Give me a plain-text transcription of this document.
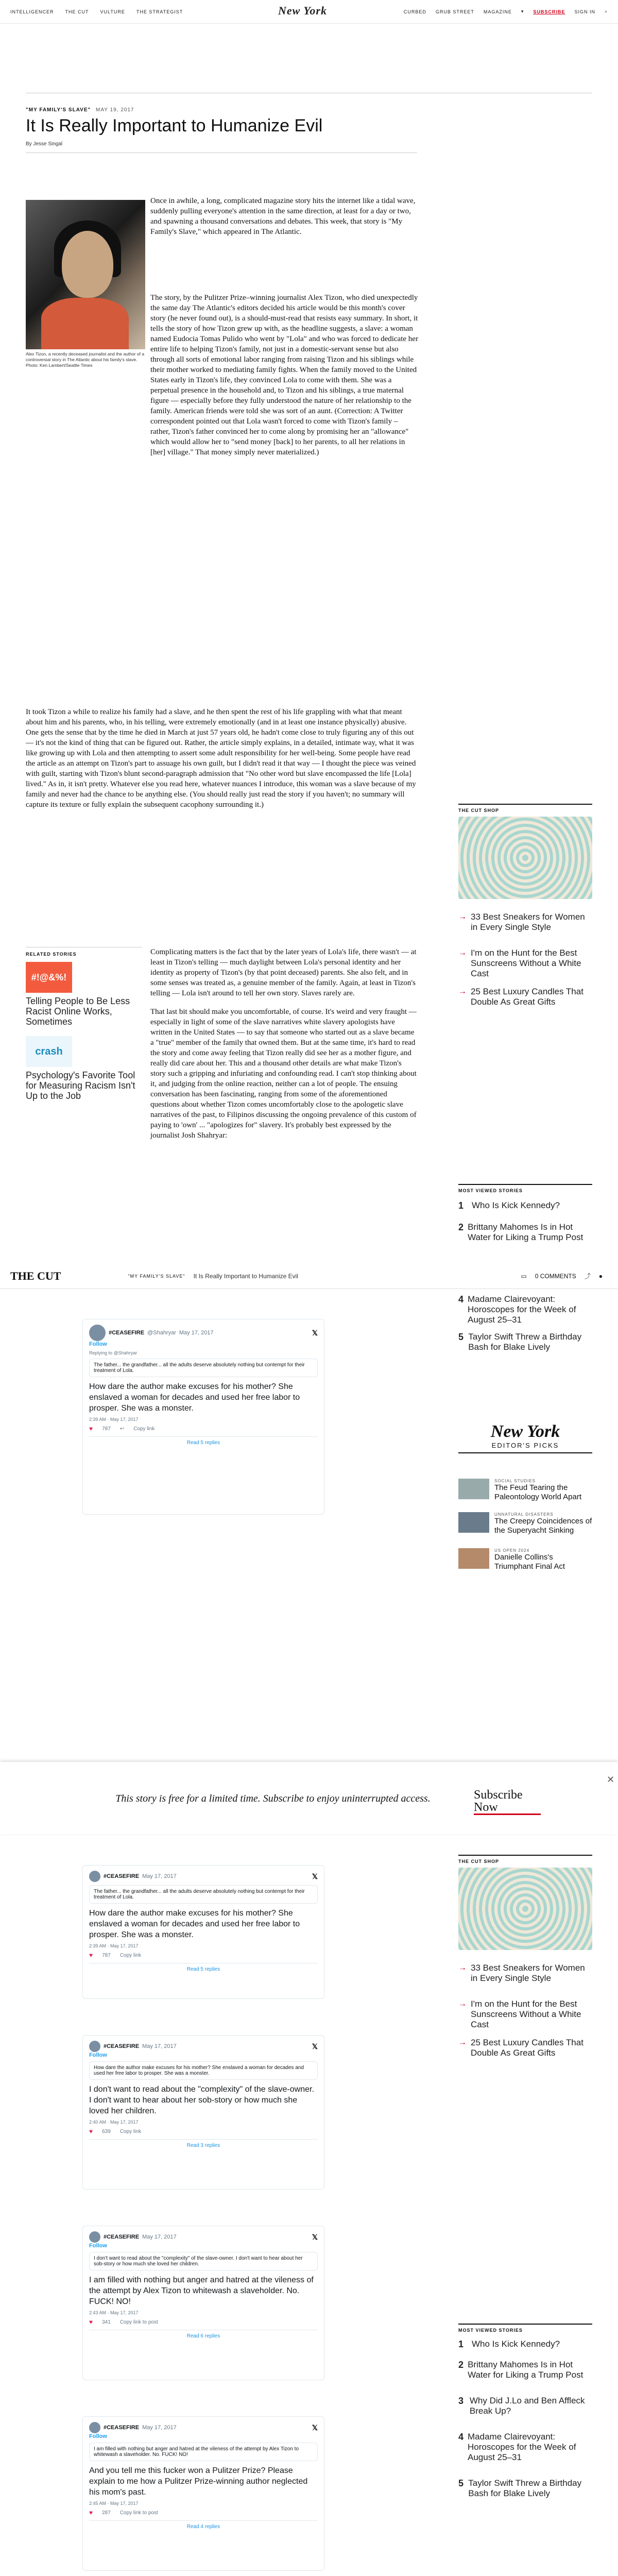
INTELLIGENCER THE CUT VULTURE THE STRATEGIST	New York	CURBED GRUB STREET MAGAZINE ▾ SUBSCRIBE SIGN IN ⌕
"MY FAMILY'S SLAVE" MAY 19, 2017
It Is Really Important to Humanize Evil
By Jesse Singal
Alex Tizon, a recently deceased journalist and the author of a controversial story in The Atlantic about his family's slave. Photo: Ken Lambert/Seattle Times

Once in awhile, a long, complicated magazine story hits the internet like a tidal wave, suddenly pulling everyone's attention in the same direction, at least for a day or two, and spawning a thousand conversations and debates. This week, that story is "My Family's Slave," which appeared in The Atlantic.

The story, by the Pulitzer Prize–winning journalist Alex Tizon, who died unexpectedly the same day The Atlantic's editors decided his article would be this month's cover story (he never found out), is a should-must-read that resists easy summary. In short, it tells the story of how Tizon grew up with, as the headline suggests, a slave: a woman named Eudocia Tomas Pulido who went by "Lola" and who was forced to dedicate her entire life to helping Tizon's family, not just in a domestic-servant sense but also through all sorts of emotional labor ranging from raising Tizon and his siblings while their mother worked to mediating family fights. When the family moved to the United States early in Tizon's life, they convinced Lola to come with them. She was a perpetual presence in the household and, to Tizon and his siblings, a true maternal figure — especially before they fully understood the nature of her relationship to the family. American friends were told she was sort of an aunt. (Correction: A Twitter correspondent pointed out that Lola wasn't forced to come with Tizon's family – rather, Tizon's father convinced her to come along by promising her an "allowance" which would allow her to "send money [back] to her parents, to all her relations in [her] village." That money simply never materialized.)

It took Tizon a while to realize his family had a slave, and he then spent the rest of his life grappling with what that meant about him and his parents, who, in his telling, were extremely emotionally (and in at least one instance physically) abusive. One gets the sense that by the time he died in March at just 57 years old, he hadn't come close to truly figuring any of this out — it's not the kind of thing that can be figured out. Rather, the article simply explains, in a detailed, intimate way, what it was like growing up with Lola and then attempting to assert some adult responsibility for her well-being. Some people have read the article as an attempt on Tizon's part to assuage his own guilt, but I didn't read it that way — I thought the piece was veined with guilt, starting with Tizon's blunt second-paragraph admission that "No other word but slave encompassed the life [Lola] lived." As in, it isn't pretty. Whatever else you read here, whatever nuances I introduce, this woman was a slave because of my family and never had the chance to be anything else. (You should really just read the story if you haven't; no summary will capture its texture or fully explain the subsequent cacophony surrounding it.)

Complicating matters is the fact that by the later years of Lola's life, there wasn't — at least in Tizon's telling — much daylight between Lola's personal identity and her identity as property of Tizon's (by that point deceased) parents. She also felt, and in some senses was treated as, a genuine member of the family. Again, at least in Tizon's telling — Lola isn't around to tell her own story. Slaves rarely are.

That last bit should make you uncomfortable, of course. It's weird and very fraught — especially in light of some of the slave narratives white slavery apologists have written in the United States — to say that someone who started out as a slave became a "true" member of the family that owned them. But at the same time, it's hard to read the story and come away feeling that Tizon really did see her as a mother figure, and really did care about her. This and a thousand other details are what make Tizon's story such a gripping and infuriating and confounding read. I can't stop thinking about it, and judging from the online reaction, neither can a lot of people. The ensuing conversation has been fascinating, ranging from some of the aforementioned questions about whether Tizon comes uncomfortably close to the apologetic slave narratives of the past, to Filipinos discussing the ongoing prevalence of this custom of paying to 'own' ... "apologizes for" slavery. It's probably best expressed by the journalist Josh Shahryar:

RELATED STORIES
#!@&%!
Telling People to Be Less Racist Online Works, Sometimes
crash
Psychology's Favorite Tool for Measuring Racism Isn't Up to the Job
THE CUT SHOP
→ 33 Best Sneakers for Women in Every Single Style
→ I'm on the Hunt for the Best Sunscreens Without a White Cast
→ 25 Best Luxury Candles That Double As Great Gifts
MOST VIEWED STORIES
1 Who Is Kick Kennedy?
2 Brittany Mahomes Is in Hot Water for Liking a Trump Post
THE CUT	"MY FAMILY'S SLAVE" It Is Really Important to Humanize Evil	▭ 0 COMMENTS ⤴ ●
4 Madame Clairevoyant: Horoscopes for the Week of August 25–31
5 Taylor Swift Threw a Birthday Bash for Blake Lively
New York
EDITOR'S PICKS
SOCIAL STUDIES
The Feud Tearing the Paleontology World Apart
UNNATURAL DISASTERS
The Creepy Coincidences of the Superyacht Sinking
US OPEN 2024
Danielle Collins's Triumphant Final Act
#CEASEFIRE @Shahryar May 17, 2017	𝕏
Follow
Replying to @Shahryar
The father... the grandfather... all the adults deserve absolutely nothing but contempt for their treatment of Lola.
How dare the author make excuses for his mother? She enslaved a woman for decades and used her free labor to prosper. She was a monster.
2:39 AM · May 17, 2017
♥ 787 ↩ Copy link
Read 5 replies
#CEASEFIRE May 17, 2017	𝕏
The father... the grandfather... all the adults deserve absolutely nothing but contempt for their treatment of Lola.
How dare the author make excuses for his mother? She enslaved a woman for decades and used her free labor to prosper. She was a monster.
2:39 AM · May 17, 2017
♥ 787 Copy link
Read 5 replies
#CEASEFIRE May 17, 2017	𝕏
Follow
How dare the author make excuses for his mother? She enslaved a woman for decades and used her free labor to prosper. She was a monster.
I don't want to read about the "complexity" of the slave-owner. I don't want to hear about her sob-story or how much she loved her children.
2:40 AM · May 17, 2017
♥ 639 Copy link
Read 3 replies
#CEASEFIRE May 17, 2017	𝕏
Follow
I don't want to read about the "complexity" of the slave-owner. I don't want to hear about her sob-story or how much she loved her children.
I am filled with nothing but anger and hatred at the vileness of the attempt by Alex Tizon to whitewash a slaveholder. No. FUCK! NO!
2:43 AM · May 17, 2017
♥ 341 Copy link to post
Read 6 replies
#CEASEFIRE May 17, 2017	𝕏
Follow
I am filled with nothing but anger and hatred at the vileness of the attempt by Alex Tizon to whitewash a slaveholder. No. FUCK! NO!
And you tell me this fucker won a Pulitzer Prize? Please explain to me how a Pulitzer Prize-winning author neglected his mom's past.
2:45 AM · May 17, 2017
♥ 287 Copy link to post
Read 4 replies
THE CUT SHOP
→ 33 Best Sneakers for Women in Every Single Style
→ I'm on the Hunt for the Best Sunscreens Without a White Cast
→ 25 Best Luxury Candles That Double As Great Gifts
MOST VIEWED STORIES
1 Who Is Kick Kennedy?
2 Brittany Mahomes Is in Hot Water for Liking a Trump Post
3 Why Did J.Lo and Ben Affleck Break Up?
4 Madame Clairevoyant: Horoscopes for the Week of August 25–31
5 Taylor Swift Threw a Birthday Bash for Blake Lively

This story is free for a limited time. Subscribe to enjoy uninterrupted access.	Subscribe Now
✕
